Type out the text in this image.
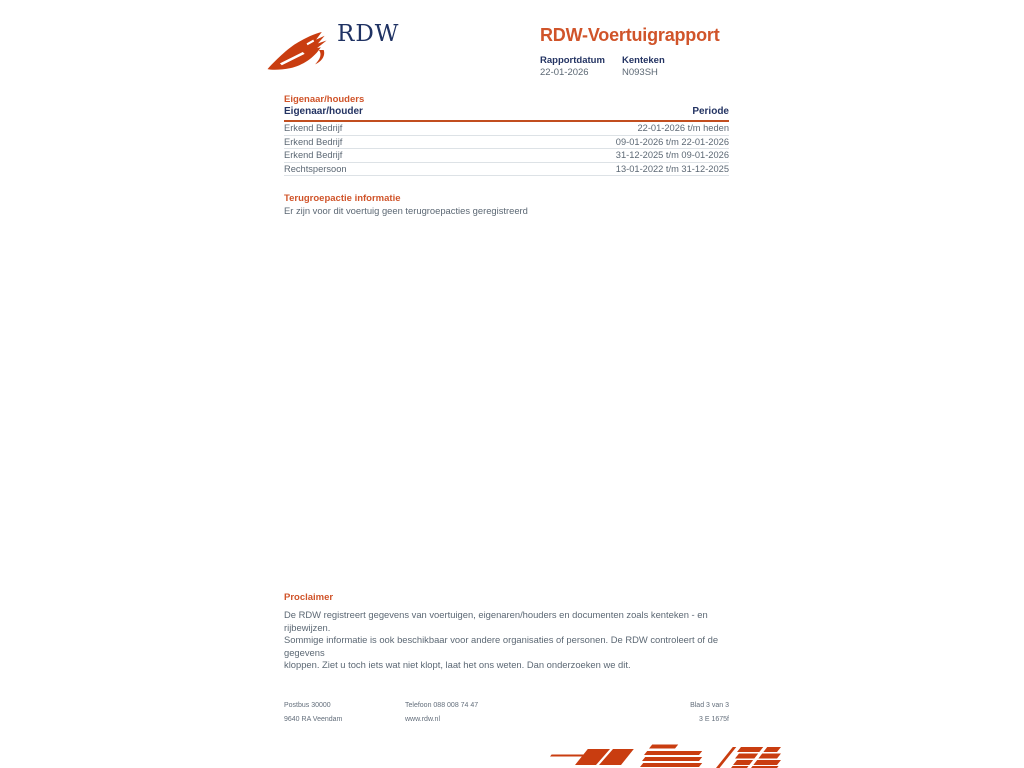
RDW	RDW-Voertuigrapport
Rapportdatum
22-01-2026
Kenteken
N093SH
Eigenaar/houders
Eigenaar/houder	Periode
Erkend Bedrijf	22-01-2026 t/m heden
Erkend Bedrijf	09-01-2026 t/m 22-01-2026
Erkend Bedrijf	31-12-2025 t/m 09-01-2026
Rechtspersoon	13-01-2022 t/m 31-12-2025
Terugroepactie informatie
Er zijn voor dit voertuig geen terugroepacties geregistreerd
Proclaimer
De RDW registreert gegevens van voertuigen, eigenaren/houders en documenten zoals kenteken - en rijbewijzen.
Sommige informatie is ook beschikbaar voor andere organisaties of personen. De RDW controleert of de gegevens
kloppen. Ziet u toch iets wat niet klopt, laat het ons weten. Dan onderzoeken we dit.
Postbus 30000
9640 RA Veendam
Telefoon 088 008 74 47
www.rdw.nl
Blad 3 van 3
3 E 1675f
